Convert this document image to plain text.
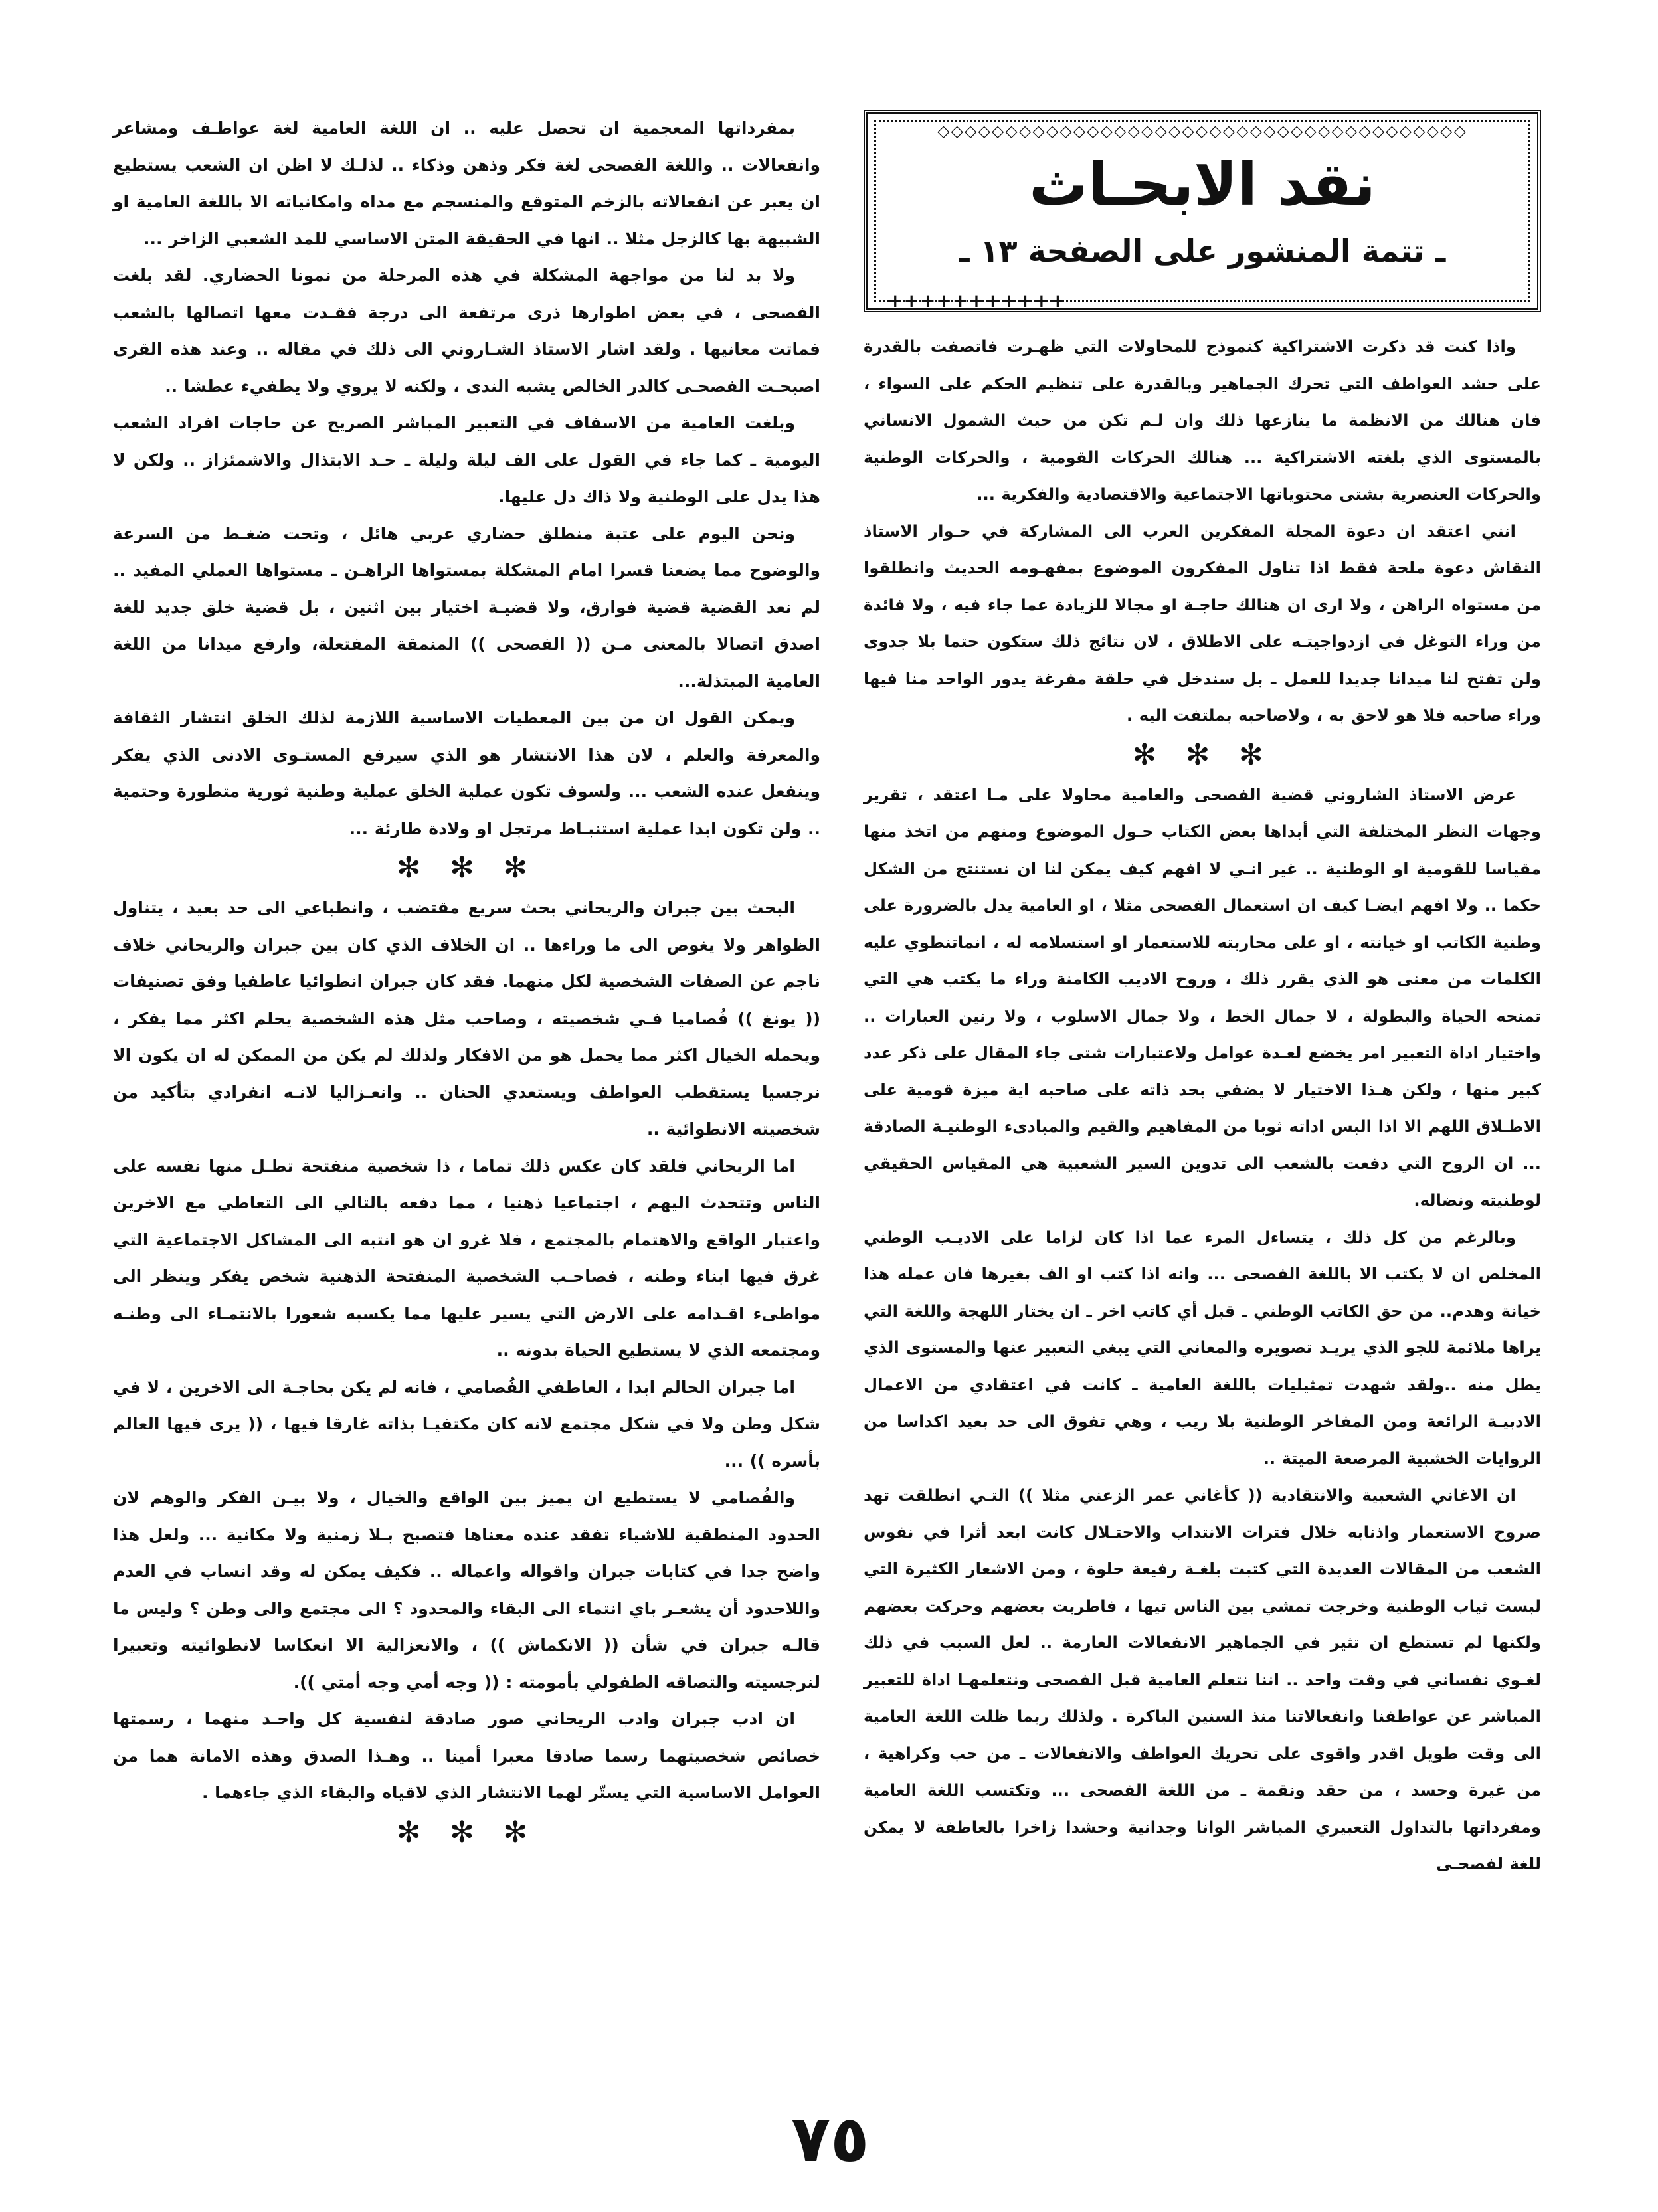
◇◇◇◇◇◇◇◇◇◇◇◇◇◇◇◇◇◇◇◇◇◇◇◇◇◇◇◇◇◇◇◇◇◇◇◇◇◇◇
نقد الابحـاث
ـ تتمة المنشور على الصفحة ١٣ ـ
+++++++++++

واذا كنت قد ذكرت الاشتراكية كنموذج للمحاولات التي ظهـرت فاتصفت بالقدرة على حشد العواطف التي تحرك الجماهير وبالقدرة على تنظيم الحكم على السواء ، فان هنالك من الانظمة ما ينازعها ذلك وان لـم تكن من حيث الشمول الانساني بالمستوى الذي بلغته الاشتراكية ... هنالك الحركات القومية ، والحركات الوطنية والحركات العنصرية بشتى محتوياتها الاجتماعية والاقتصادية والفكرية ...

انني اعتقد ان دعوة المجلة المفكرين العرب الى المشاركة في حـوار الاستاذ النقاش دعوة ملحة فقط اذا تناول المفكرون الموضوع بمفهـومه الحديث وانطلقوا من مستواه الراهن ، ولا ارى ان هنالك حاجـة او مجالا للزيادة عما جاء فيه ، ولا فائدة من وراء التوغل في ازدواجيتـه على الاطلاق ، لان نتائج ذلك ستكون حتما بلا جدوى ولن تفتح لنا ميدانا جديدا للعمل ـ بل سندخل في حلقة مفرغة يدور الواحد منا فيها وراء صاحبه فلا هو لاحق به ، ولاصاحبه بملتفت اليه .

✻ ✻ ✻

عرض الاستاذ الشاروني قضية الفصحى والعامية محاولا على مـا اعتقد ، تقرير وجهات النظر المختلفة التي أبداها بعض الكتاب حـول الموضوع ومنهم من اتخذ منها مقياسا للقومية او الوطنية .. غير انـي لا افهم كيف يمكن لنا ان نستنتج من الشكل حكما .. ولا افهم ايضـا كيف ان استعمال الفصحى مثلا ، او العامية يدل بالضرورة على وطنية الكاتب او خيانته ، او على محاربته للاستعمار او استسلامه له ، انماتنطوي عليه الكلمات من معنى هو الذي يقرر ذلك ، وروح الاديب الكامنة وراء ما يكتب هي التي تمنحه الحياة والبطولة ، لا جمال الخط ، ولا جمال الاسلوب ، ولا رنين العبارات .. واختيار اداة التعبير امر يخضع لعـدة عوامل ولاعتبارات شتى جاء المقال على ذكر عدد كبير منها ، ولكن هـذا الاختيار لا يضفي بحد ذاته على صاحبه اية ميزة قومية على الاطـلاق اللهم الا اذا البس اداته ثوبا من المفاهيم والقيم والمبادىء الوطنيـة الصادقة ... ان الروح التي دفعت بالشعب الى تدوين السير الشعبية هي المقياس الحقيقي لوطنيته ونضاله.

وبالرغم من كل ذلك ، يتساءل المرء عما اذا كان لزاما على الاديـب الوطني المخلص ان لا يكتب الا باللغة الفصحى ... وانه اذا كتب او الف بغيرها فان عمله هذا خيانة وهدم.. من حق الكاتب الوطني ـ قبل أي كاتب اخر ـ ان يختار اللهجة واللغة التي يراها ملائمة للجو الذي يريـد تصويره والمعاني التي يبغي التعبير عنها والمستوى الذي يطل منه ..ولقد شهدت تمثيليات باللغة العامية ـ كانت في اعتقادي من الاعمال الادبيـة الرائعة ومن المفاخر الوطنية بلا ريب ، وهي تفوق الى حد بعيد اكداسا من الروايات الخشبية المرصعة الميتة ..

ان الاغاني الشعبية والانتقادية (( كأغاني عمر الزعني مثلا )) التـي انطلقت تهد صروح الاستعمار واذنابه خلال فترات الانتداب والاحتـلال كانت ابعد أثرا في نفوس الشعب من المقالات العديدة التي كتبت بلغـة رفيعة حلوة ، ومن الاشعار الكثيرة التي لبست ثياب الوطنية وخرجت تمشي بين الناس تيها ، فاطربت بعضهم وحركت بعضهم ولكنها لم تستطع ان تثير في الجماهير الانفعالات العارمة .. لعل السبب في ذلك لغـوي نفساني في وقت واحد .. اننا نتعلم العامية قبل الفصحى ونتعلمهـا اداة للتعبير المباشر عن عواطفنا وانفعالاتنا منذ السنين الباكرة . ولذلك ربما ظلت اللغة العامية الى وقت طويل اقدر واقوى على تحريك العواطف والانفعالات ـ من حب وكراهية ، من غيرة وحسد ، من حقد ونقمة ـ من اللغة الفصحى ... وتكتسب اللغة العامية ومفرداتها بالتداول التعبيري المباشر الوانا وجدانية وحشدا زاخرا بالعاطفة لا يمكن للغة لفصحـى

بمفرداتها المعجمية ان تحصل عليه .. ان اللغة العامية لغة عواطـف ومشاعر وانفعالات .. واللغة الفصحى لغة فكر وذهن وذكاء .. لذلـك لا اظن ان الشعب يستطيع ان يعبر عن انفعالاته بالزخم المتوقع والمنسجم مع مداه وامكانياته الا باللغة العامية او الشبيهة بها كالزجل مثلا .. انها في الحقيقة المتن الاساسي للمد الشعبي الزاخر ...

ولا بد لنا من مواجهة المشكلة في هذه المرحلة من نمونا الحضاري. لقد بلغت الفصحى ، في بعض اطوارها ذرى مرتفعة الى درجة فقـدت معها اتصالها بالشعب فماتت معانيها . ولقد اشار الاستاذ الشـاروني الى ذلك في مقاله .. وعند هذه القرى اصبحـت الفصحـى كالدر الخالص يشبه الندى ، ولكنه لا يروي ولا يطفيء عطشا ..

وبلغت العامية من الاسفاف في التعبير المباشر الصريح عن حاجات افراد الشعب اليومية ـ كما جاء في القول على الف ليلة وليلة ـ حـد الابتذال والاشمئزاز .. ولكن لا هذا يدل على الوطنية ولا ذاك دل عليها.

ونحن اليوم على عتبة منطلق حضاري عربي هائل ، وتحت ضغـط من السرعة والوضوح مما يضعنا قسرا امام المشكلة بمستواها الراهـن ـ مستواها العملي المفيد .. لم نعد القضية قضية فوارق، ولا قضيـة اختيار بين اثنين ، بل قضية خلق جديد للغة اصدق اتصالا بالمعنى مـن (( الفصحى )) المنمقة المفتعلة، وارفع ميدانا من اللغة العامية المبتذلة...

ويمكن القول ان من بين المعطيات الاساسية اللازمة لذلك الخلق انتشار الثقافة والمعرفة والعلم ، لان هذا الانتشار هو الذي سيرفع المستـوى الادنى الذي يفكر وينفعل عنده الشعب ... ولسوف تكون عملية الخلق عملية وطنية ثورية متطورة وحتمية .. ولن تكون ابدا عملية استنبـاط مرتجل او ولادة طارئة ...

✻ ✻ ✻

البحث بين جبران والريحاني بحث سريع مقتضب ، وانطباعي الى حد بعيد ، يتناول الظواهر ولا يغوص الى ما وراءها .. ان الخلاف الذي كان بين جبران والريحاني خلاف ناجم عن الصفات الشخصية لكل منهما. فقد كان جبران انطوائيا عاطفيا وفق تصنيفات (( يونغ )) فُصاميا فـي شخصيته ، وصاحب مثل هذه الشخصية يحلم اكثر مما يفكر ، ويحمله الخيال اكثر مما يحمل هو من الافكار ولذلك لم يكن من الممكن له ان يكون الا نرجسيا يستقطب العواطف ويستعدي الحنان .. وانعـزاليا لانـه انفرادي بتأكيد من شخصيته الانطوائية ..

اما الريحاني فلقد كان عكس ذلك تماما ، ذا شخصية منفتحة تطـل منها نفسه على الناس وتتحدث اليهم ، اجتماعيا ذهنيا ، مما دفعه بالتالي الى التعاطي مع الاخرين واعتبار الواقع والاهتمام بالمجتمع ، فلا غرو ان هو انتبه الى المشاكل الاجتماعية التي غرق فيها ابناء وطنه ، فصاحـب الشخصية المنفتحة الذهنية شخص يفكر وينظر الى مواطىء اقـدامه على الارض التي يسير عليها مما يكسبه شعورا بالانتمـاء الى وطنـه ومجتمعه الذي لا يستطيع الحياة بدونه ..

اما جبران الحالم ابدا ، العاطفي الفُصامي ، فانه لم يكن بحاجـة الى الاخرين ، لا في شكل وطن ولا في شكل مجتمع لانه كان مكتفيـا بذاته غارقا فيها ، (( يرى فيها العالم بأسره )) ...

والفُصامي لا يستطيع ان يميز بين الواقع والخيال ، ولا بيـن الفكر والوهم لان الحدود المنطقية للاشياء تفقد عنده معناها فتصبح بـلا زمنية ولا مكانية ... ولعل هذا واضح جدا في كتابات جبران واقواله واعماله .. فكيف يمكن له وقد انساب في العدم واللاحدود أن يشعـر باي انتماء الى البقاء والمحدود ؟ الى مجتمع والى وطن ؟ وليس ما قالـه جبران في شأن (( الانكماش )) ، والانعزالية الا انعكاسا لانطوائيته وتعبيرا لنرجسيته والتصاقه الطفولي بأمومته : (( وجه أمي وجه أمتي )).

ان ادب جبران وادب الريحاني صور صادقة لنفسية كل واحـد منهما ، رسمتها خصائص شخصيتهما رسما صادقا معبرا أمينا .. وهـذا الصدق وهذه الامانة هما من العوامل الاساسية التي يستّر لهما الانتشار الذي لاقياه والبقاء الذي جاءهما .

✻ ✻ ✻
٧٥
